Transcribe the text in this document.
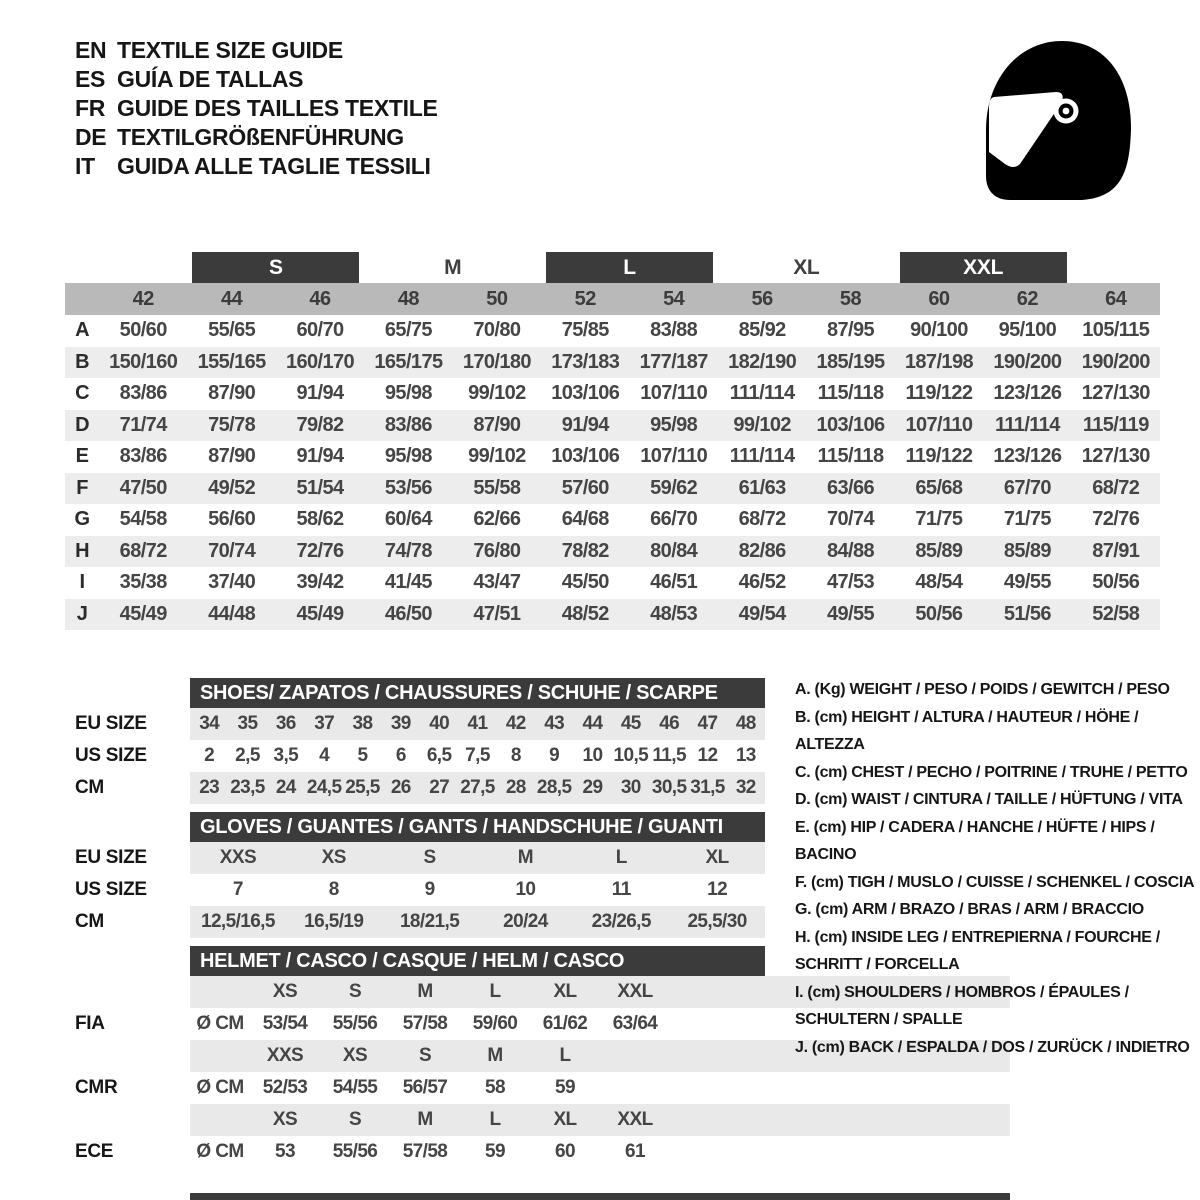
EN TEXTILE SIZE GUIDE
ES GUÍA DE TALLAS
FR GUIDE DES TAILLES TEXTILE
DE TEXTILGRÖßENFÜHRUNG
IT GUIDA ALLE TAGLIE TESSILI
S	M	L	XL	XXL
42	44	46	48	50	52	54	56	58	60	62	64
A	50/60	55/65	60/70	65/75	70/80	75/85	83/88	85/92	87/95	90/100	95/100	105/115
B	150/160	155/165	160/170	165/175	170/180	173/183	177/187	182/190	185/195	187/198	190/200	190/200
C	83/86	87/90	91/94	95/98	99/102	103/106	107/110	111/114	115/118	119/122	123/126	127/130
D	71/74	75/78	79/82	83/86	87/90	91/94	95/98	99/102	103/106	107/110	111/114	115/119
E	83/86	87/90	91/94	95/98	99/102	103/106	107/110	111/114	115/118	119/122	123/126	127/130
F	47/50	49/52	51/54	53/56	55/58	57/60	59/62	61/63	63/66	65/68	67/70	68/72
G	54/58	56/60	58/62	60/64	62/66	64/68	66/70	68/72	70/74	71/75	71/75	72/76
H	68/72	70/74	72/76	74/78	76/80	78/82	80/84	82/86	84/88	85/89	85/89	87/91
I	35/38	37/40	39/42	41/45	43/47	45/50	46/51	46/52	47/53	48/54	49/55	50/56
J	45/49	44/48	45/49	46/50	47/51	48/52	48/53	49/54	49/55	50/56	51/56	52/58
SHOES/ ZAPATOS / CHAUSSURES / SCHUHE / SCARPE
EU SIZE	34 35 36 37 38 39 40 41 42 43 44 45 46 47 48
US SIZE	2	2,5 3,5	4	5	6	6,5 7,5	8	9	10 10,5 11,5 12 13
CM	23 23,5 24 24,5 25,5 26 27 27,5 28 28,5 29 30 30,5 31,5 32
GLOVES / GUANTES / GANTS / HANDSCHUHE / GUANTI
EU SIZE	XXS	XS	S	M	L	XL
US SIZE	7	8	9	10	11	12
CM	12,5/16,5	16,5/19	18/21,5	20/24	23/26,5	25,5/30
HELMET / CASCO / CASQUE / HELM / CASCO
XS	S	M	L	XL	XXL
FIA	Ø CM	53/54	55/56	57/58	59/60	61/62	63/64
XXS	XS	S	M	L
CMR	Ø CM	52/53	54/55	56/57	58	59
XS	S	M	L	XL	XXL
ECE	Ø CM	53	55/56	57/58	59	60	61
A. (Kg) WEIGHT / PESO / POIDS / GEWITCH / PESO
B. (cm) HEIGHT / ALTURA / HAUTEUR / HÖHE / ALTEZZA
C. (cm) CHEST / PECHO / POITRINE / TRUHE / PETTO
D. (cm) WAIST / CINTURA / TAILLE / HÜFTUNG / VITA
E. (cm) HIP / CADERA / HANCHE / HÜFTE / HIPS / BACINO
F. (cm) TIGH / MUSLO / CUISSE / SCHENKEL / COSCIA
G. (cm) ARM / BRAZO / BRAS / ARM / BRACCIO
H. (cm) INSIDE LEG / ENTREPIERNA / FOURCHE / SCHRITT / FORCELLA
I. (cm) SHOULDERS / HOMBROS / ÉPAULES / SCHULTERN / SPALLE
J. (cm) BACK / ESPALDA / DOS / ZURÜCK / INDIETRO
